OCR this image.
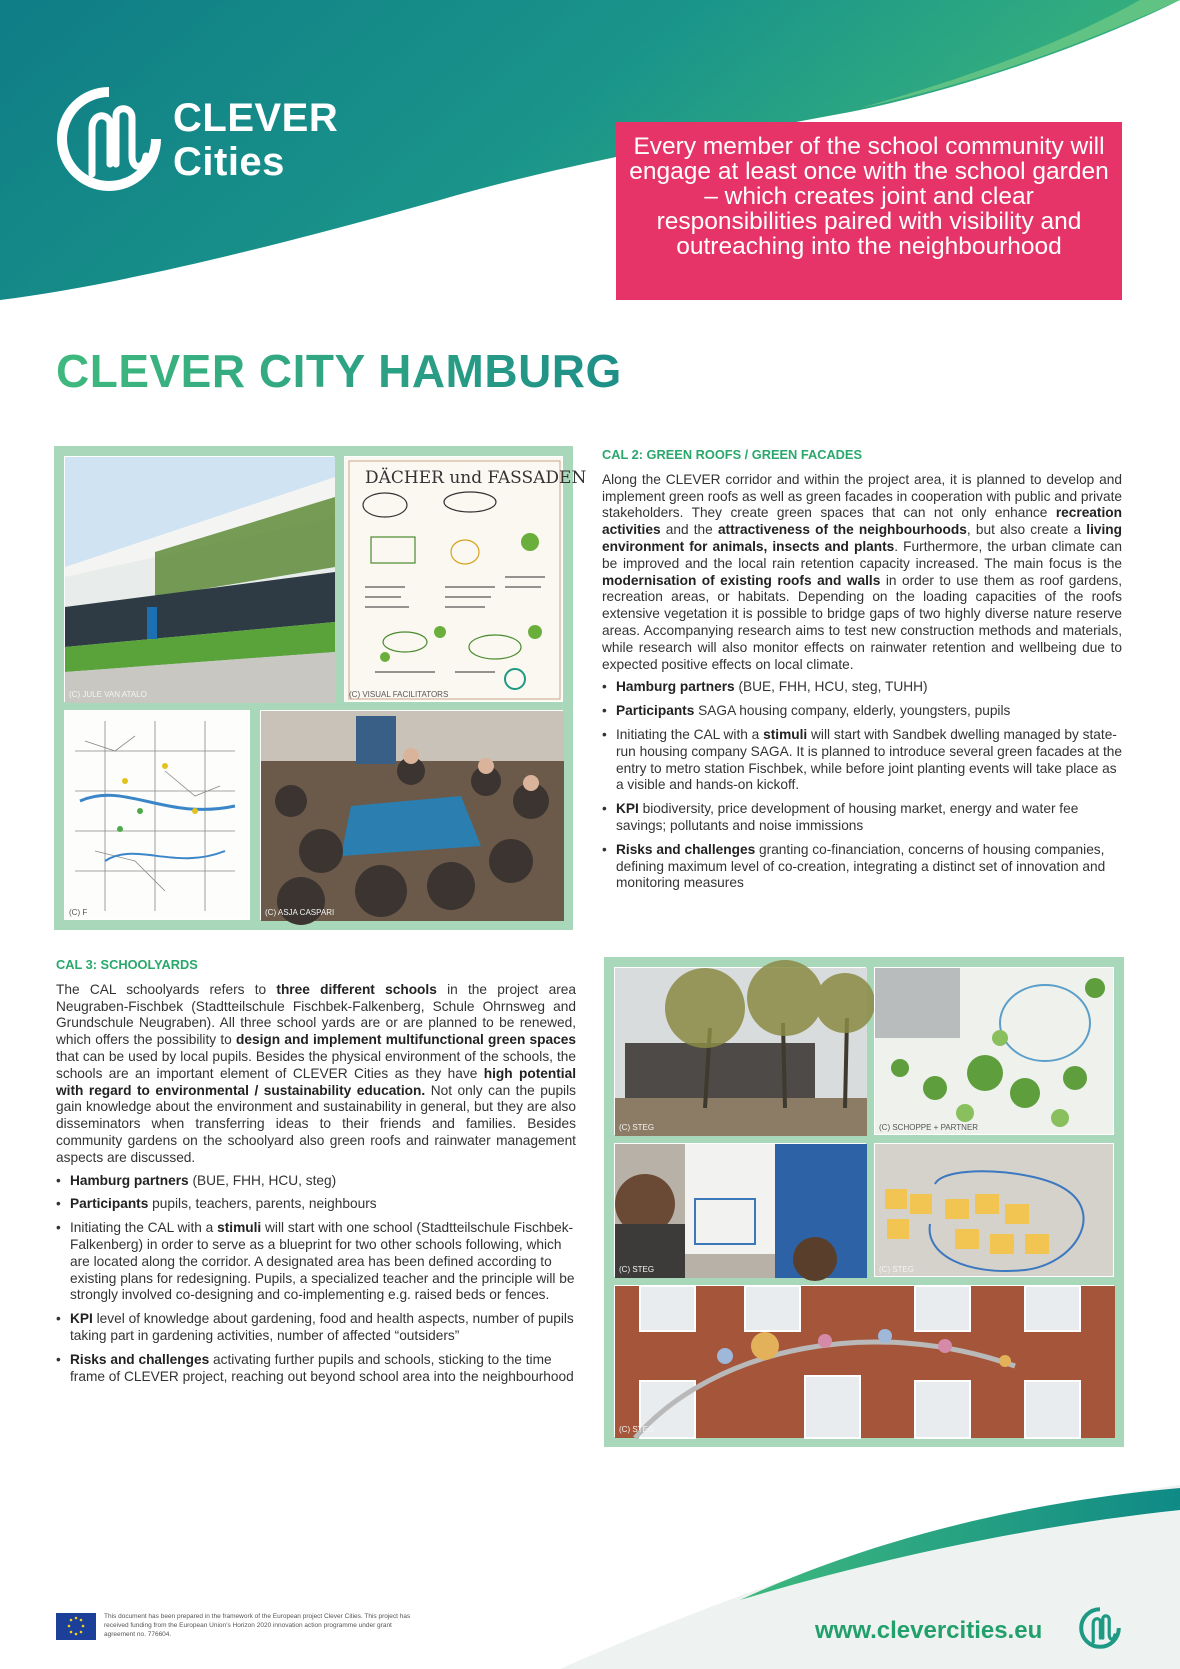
CLEVER
Cities	Every member of the school community will engage at least once with the school garden – which creates joint and clear responsibilities paired with visibility and outreaching into the neighbourhood
CLEVER CITY HAMBURG
(C) JULE VAN ATALO
DÄCHER und FASSADEN
(C) VISUAL FACILITATORS
(C) F	(C) ASJA CASPARI
CAL 2: GREEN ROOFS / GREEN FACADES

Along the CLEVER corridor and within the project area, it is planned to develop and implement green roofs as well as green facades in cooperation with public and private stakeholders. They create green spaces that can not only enhance recreation activities and the attractiveness of the neighbourhoods, but also create a living environment for animals, insects and plants. Furthermore, the urban climate can be improved and the local rain retention capacity increased. The main focus is the modernisation of existing roofs and walls in order to use them as roof gardens, recreation areas, or habitats. Depending on the loading capacities of the roofs extensive vegetation it is possible to bridge gaps of two highly diverse nature reserve areas. Accompanying research aims to test new construction methods and materials, while research will also monitor effects on rainwater retention and wellbeing due to expected positive effects on local climate.

• Hamburg partners (BUE, FHH, HCU, steg, TUHH)
• Participants SAGA housing company, elderly, youngsters, pupils
• Initiating the CAL with a stimuli will start with Sandbek dwelling managed by state-run housing company SAGA. It is planned to introduce several green facades at the entry to metro station Fischbek, while before joint planting events will take place as a visible and hands-on kickoff.
• KPI biodiversity, price development of housing market, energy and water fee savings; pollutants and noise immissions
• Risks and challenges granting co-financiation, concerns of housing companies, defining maximum level of co-creation, integrating a distinct set of innovation and monitoring measures
CAL 3: SCHOOLYARDS

The CAL schoolyards refers to three different schools in the project area Neugraben-Fischbek (Stadtteilschule Fischbek-Falkenberg, Schule Ohrnsweg and Grundschule Neugraben). All three school yards are or are planned to be renewed, which offers the possibility to design and implement multifunctional green spaces that can be used by local pupils. Besides the physical environment of the schools, the schools are an important element of CLEVER Cities as they have high potential with regard to environmental / sustainability education. Not only can the pupils gain knowledge about the environment and sustainability in general, but they are also disseminators when transferring ideas to their friends and families. Besides community gardens on the schoolyard also green roofs and rainwater management aspects are discussed.

• Hamburg partners (BUE, FHH, HCU, steg)
• Participants pupils, teachers, parents, neighbours
• Initiating the CAL with a stimuli will start with one school (Stadtteilschule Fischbek-Falkenberg) in order to serve as a blueprint for two other schools following, which are located along the corridor. A designated area has been defined according to existing plans for redesigning. Pupils, a specialized teacher and the principle will be strongly involved co-designing and co-implementing e.g. raised beds or fences.
• KPI level of knowledge about gardening, food and health aspects, number of pupils taking part in gardening activities, number of affected “outsiders”
• Risks and challenges activating further pupils and schools, sticking to the time frame of CLEVER project, reaching out beyond school area into the neighbourhood
(C) STEG	(C) SCHOPPE + PARTNER
(C) STEG	(C) STEG
(C) STEG
This document has been prepared in the framework of the European project Clever Cities. This project has received funding from the European Union’s Horizon 2020 innovation action programme under grant agreement no. 776604.	www.clevercities.eu
